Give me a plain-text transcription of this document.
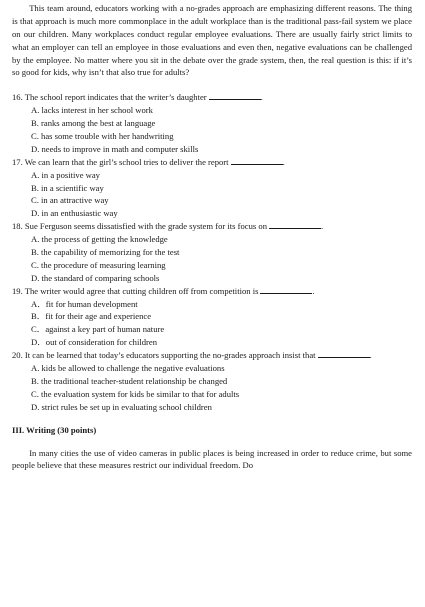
This team around, educators working with a no-grades approach are emphasizing different reasons. The thing is that approach is much more commonplace in the adult workplace than is the traditional pass-fail system we place on our children. Many workplaces conduct regular employee evaluations. There are usually fairly strict limits to what an employer can tell an employee in those evaluations and even then, negative evaluations can be challenged by the employee. No matter where you sit in the debate over the grade system, then, the real question is this: if it’s so good for kids, why isn’t that also true for adults?

16. The school report indicates that the writer’s daughter	.

A. lacks interest in her school work

B. ranks among the best at language

C. has some trouble with her handwriting

D. needs to improve in math and computer skills

17. We can learn that the girl’s school tries to deliver the report	.

A. in a positive way

B. in a scientific way

C. in an attractive way

D. in an enthusiastic way

18. Sue Ferguson seems dissatisfied with the grade system for its focus on	.

A. the process of getting the knowledge

B. the capability of memorizing for the test

C. the procedure of measuring learning

D. the standard of comparing schools

19. The writer would agree that cutting children off from competition is	.

A．fit for human development

B．fit for their age and experience

C．against a key part of human nature

D．out of consideration for children

20. It can be learned that today’s educators supporting the no-grades approach insist that	.

A. kids be allowed to challenge the negative evaluations

B. the traditional teacher-student relationship be changed

C. the evaluation system for kids be similar to that for adults

D. strict rules be set up in evaluating school children

III. Writing (30 points)

In many cities the use of video cameras in public places is being increased in order to reduce crime, but some people believe that these measures restrict our individual freedom. Do
